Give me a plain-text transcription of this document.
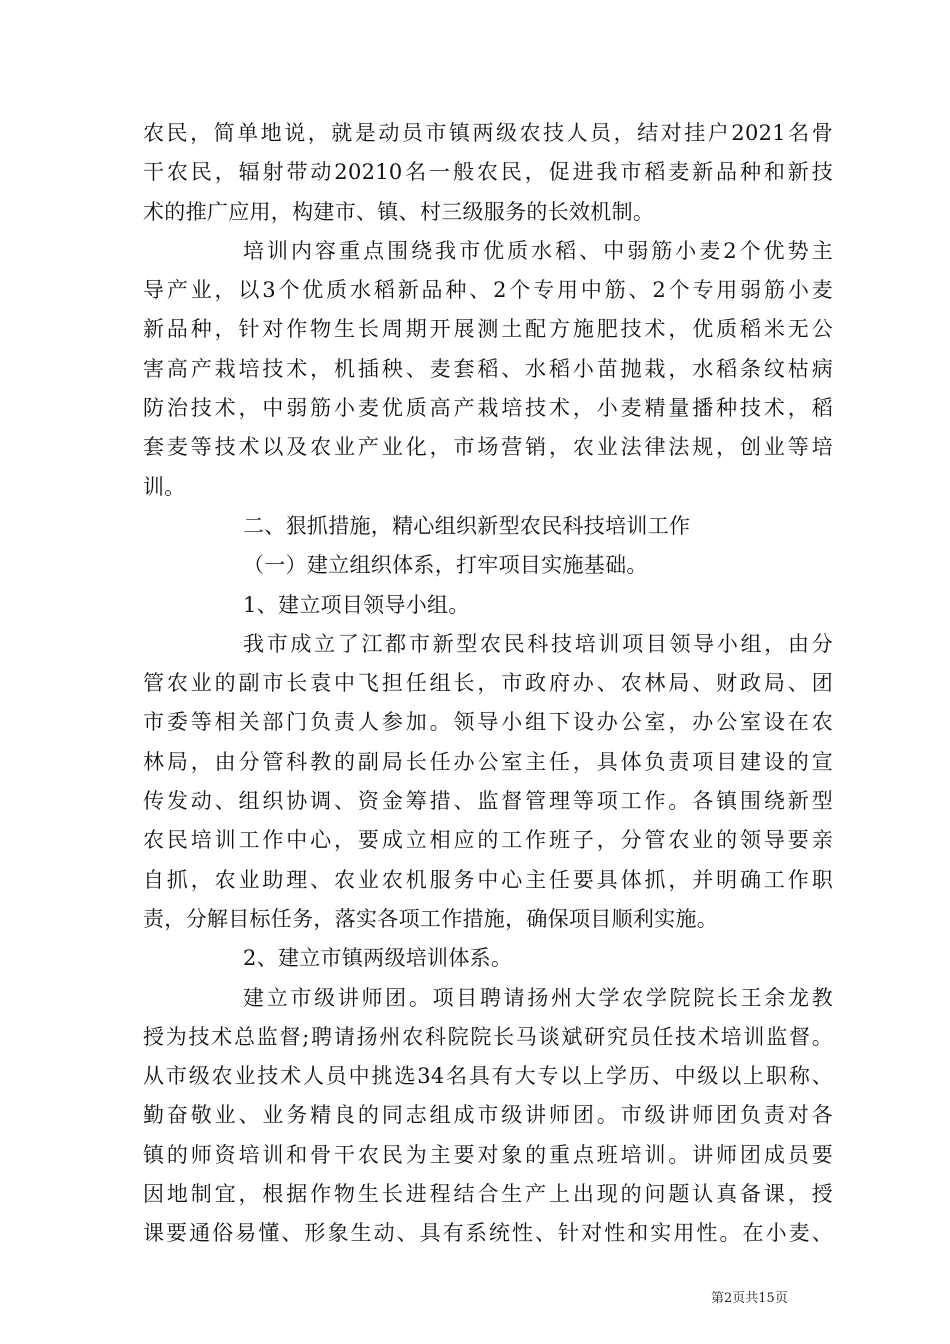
农民，简单地说，就是动员市镇两级农技人员，结对挂户2021名骨
干农民，辐射带动20210名一般农民，促进我市稻麦新品种和新技
术的推广应用，构建市、镇、村三级服务的长效机制。
培训内容重点围绕我市优质水稻、中弱筋小麦2个优势主
导产业，以3个优质水稻新品种、2个专用中筋、2个专用弱筋小麦
新品种，针对作物生长周期开展测土配方施肥技术，优质稻米无公
害高产栽培技术，机插秧、麦套稻、水稻小苗抛栽，水稻条纹枯病
防治技术，中弱筋小麦优质高产栽培技术，小麦精量播种技术，稻
套麦等技术以及农业产业化，市场营销，农业法律法规，创业等培
训。
二、狠抓措施，精心组织新型农民科技培训工作
（一）建立组织体系，打牢项目实施基础。
1、建立项目领导小组。
我市成立了江都市新型农民科技培训项目领导小组，由分
管农业的副市长袁中飞担任组长，市政府办、农林局、财政局、团
市委等相关部门负责人参加。领导小组下设办公室，办公室设在农
林局，由分管科教的副局长任办公室主任，具体负责项目建设的宣
传发动、组织协调、资金筹措、监督管理等项工作。各镇围绕新型
农民培训工作中心，要成立相应的工作班子，分管农业的领导要亲
自抓，农业助理、农业农机服务中心主任要具体抓，并明确工作职
责，分解目标任务，落实各项工作措施，确保项目顺利实施。
2、建立市镇两级培训体系。
建立市级讲师团。项目聘请扬州大学农学院院长王余龙教
授为技术总监督;聘请扬州农科院院长马谈斌研究员任技术培训监督。
从市级农业技术人员中挑选34名具有大专以上学历、中级以上职称、
勤奋敬业、业务精良的同志组成市级讲师团。市级讲师团负责对各
镇的师资培训和骨干农民为主要对象的重点班培训。讲师团成员要
因地制宜，根据作物生长进程结合生产上出现的问题认真备课，授
课要通俗易懂、形象生动、具有系统性、针对性和实用性。在小麦、
第2页共15页
